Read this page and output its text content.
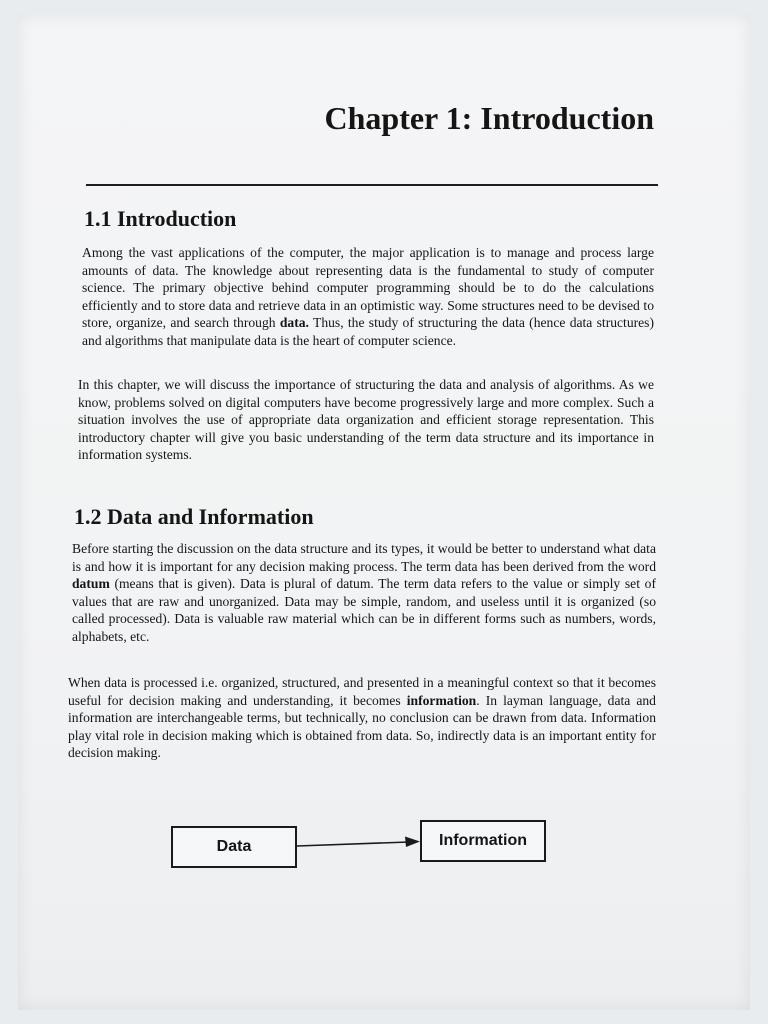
Chapter 1: Introduction
1.1 Introduction

Among the vast applications of the computer, the major application is to manage and process large amounts of data. The knowledge about representing data is the fundamental to study of computer science. The primary objective behind computer programming should be to do the calculations efficiently and to store data and retrieve data in an optimistic way. Some structures need to be devised to store, organize, and search through data. Thus, the study of structuring the data (hence data structures) and algorithms that manipulate data is the heart of computer science.

In this chapter, we will discuss the importance of structuring the data and analysis of algorithms. As we know, problems solved on digital computers have become progressively large and more complex. Such a situation involves the use of appropriate data organization and efficient storage representation. This introductory chapter will give you basic understanding of the term data structure and its importance in information systems.

1.2 Data and Information

Before starting the discussion on the data structure and its types, it would be better to understand what data is and how it is important for any decision making process. The term data has been derived from the word datum (means that is given). Data is plural of datum. The term data refers to the value or simply set of values that are raw and unorganized. Data may be simple, random, and useless until it is organized (so called processed). Data is valuable raw material which can be in different forms such as numbers, words, alphabets, etc.

When data is processed i.e. organized, structured, and presented in a meaningful context so that it becomes useful for decision making and understanding, it becomes information. In layman language, data and information are interchangeable terms, but technically, no conclusion can be drawn from data. Information play vital role in decision making which is obtained from data. So, indirectly data is an important entity for decision making.

Data	Information
